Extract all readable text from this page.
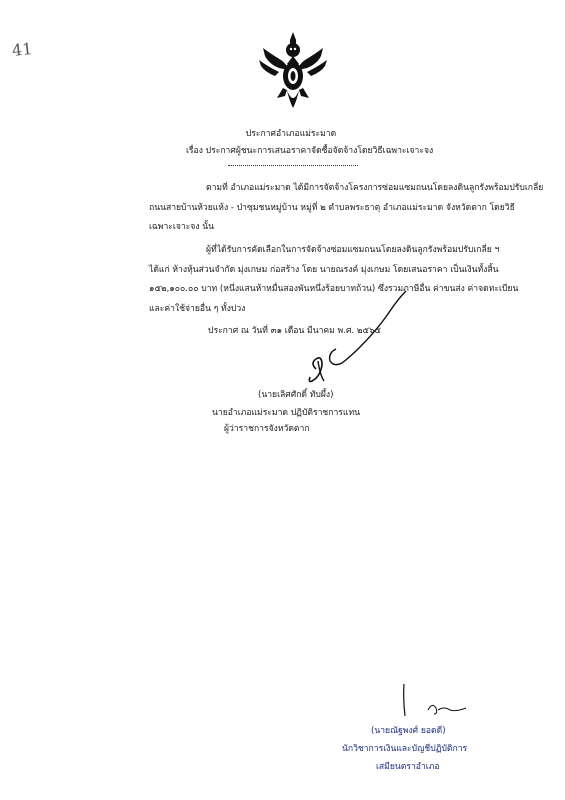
41
ประกาศอำเภอแม่ระมาด
เรื่อง ประกาศผู้ชนะการเสนอราคาจัดซื้อจัดจ้างโดยวิธีเฉพาะเจาะจง
ตามที่ อำเภอแม่ระมาด ได้มีการจัดจ้างโครงการซ่อมแซมถนนโดยลงดินลูกรังพร้อมปรับเกลี่ย
ถนนสายบ้านห้วยแห้ง - ป่าซุมชนหมู่บ้าน หมู่ที่ ๒ ตำบลพระธาตุ อำเภอแม่ระมาด จังหวัดตาก โดยวิธี
เฉพาะเจาะจง นั้น
ผู้ที่ได้รับการคัดเลือกในการจัดจ้างซ่อมแซมถนนโดยลงดินลูกรังพร้อมปรับเกลี่ย ฯ
ได้แก่ ห้างหุ้นส่วนจำกัด มุ่งเกษม ก่อสร้าง โดย นายณรงค์ มุ่งเกษม โดยเสนอราคา เป็นเงินทั้งสิ้น
๑๕๒,๑๐๐.๐๐ บาท (หนึ่งแสนห้าหมื่นสองพันหนึ่งร้อยบาทถ้วน) ซึ่งรวมภาษีอื่น ค่าขนส่ง ค่าจดทะเบียน
และค่าใช้จ่ายอื่น ๆ ทั้งปวง
ประกาศ ณ วันที่ ๓๑ เดือน มีนาคม พ.ศ. ๒๕๖๕
(นายเลิศศักดิ์ ทับผึ้ง)
นายอำเภอแม่ระมาด ปฏิบัติราชการแทน
ผู้ว่าราชการจังหวัดตาก
(นายณัฐพงศ์ ยอดดี)
นักวิชาการเงินและบัญชีปฏิบัติการ
เสมียนตราอำเภอ
